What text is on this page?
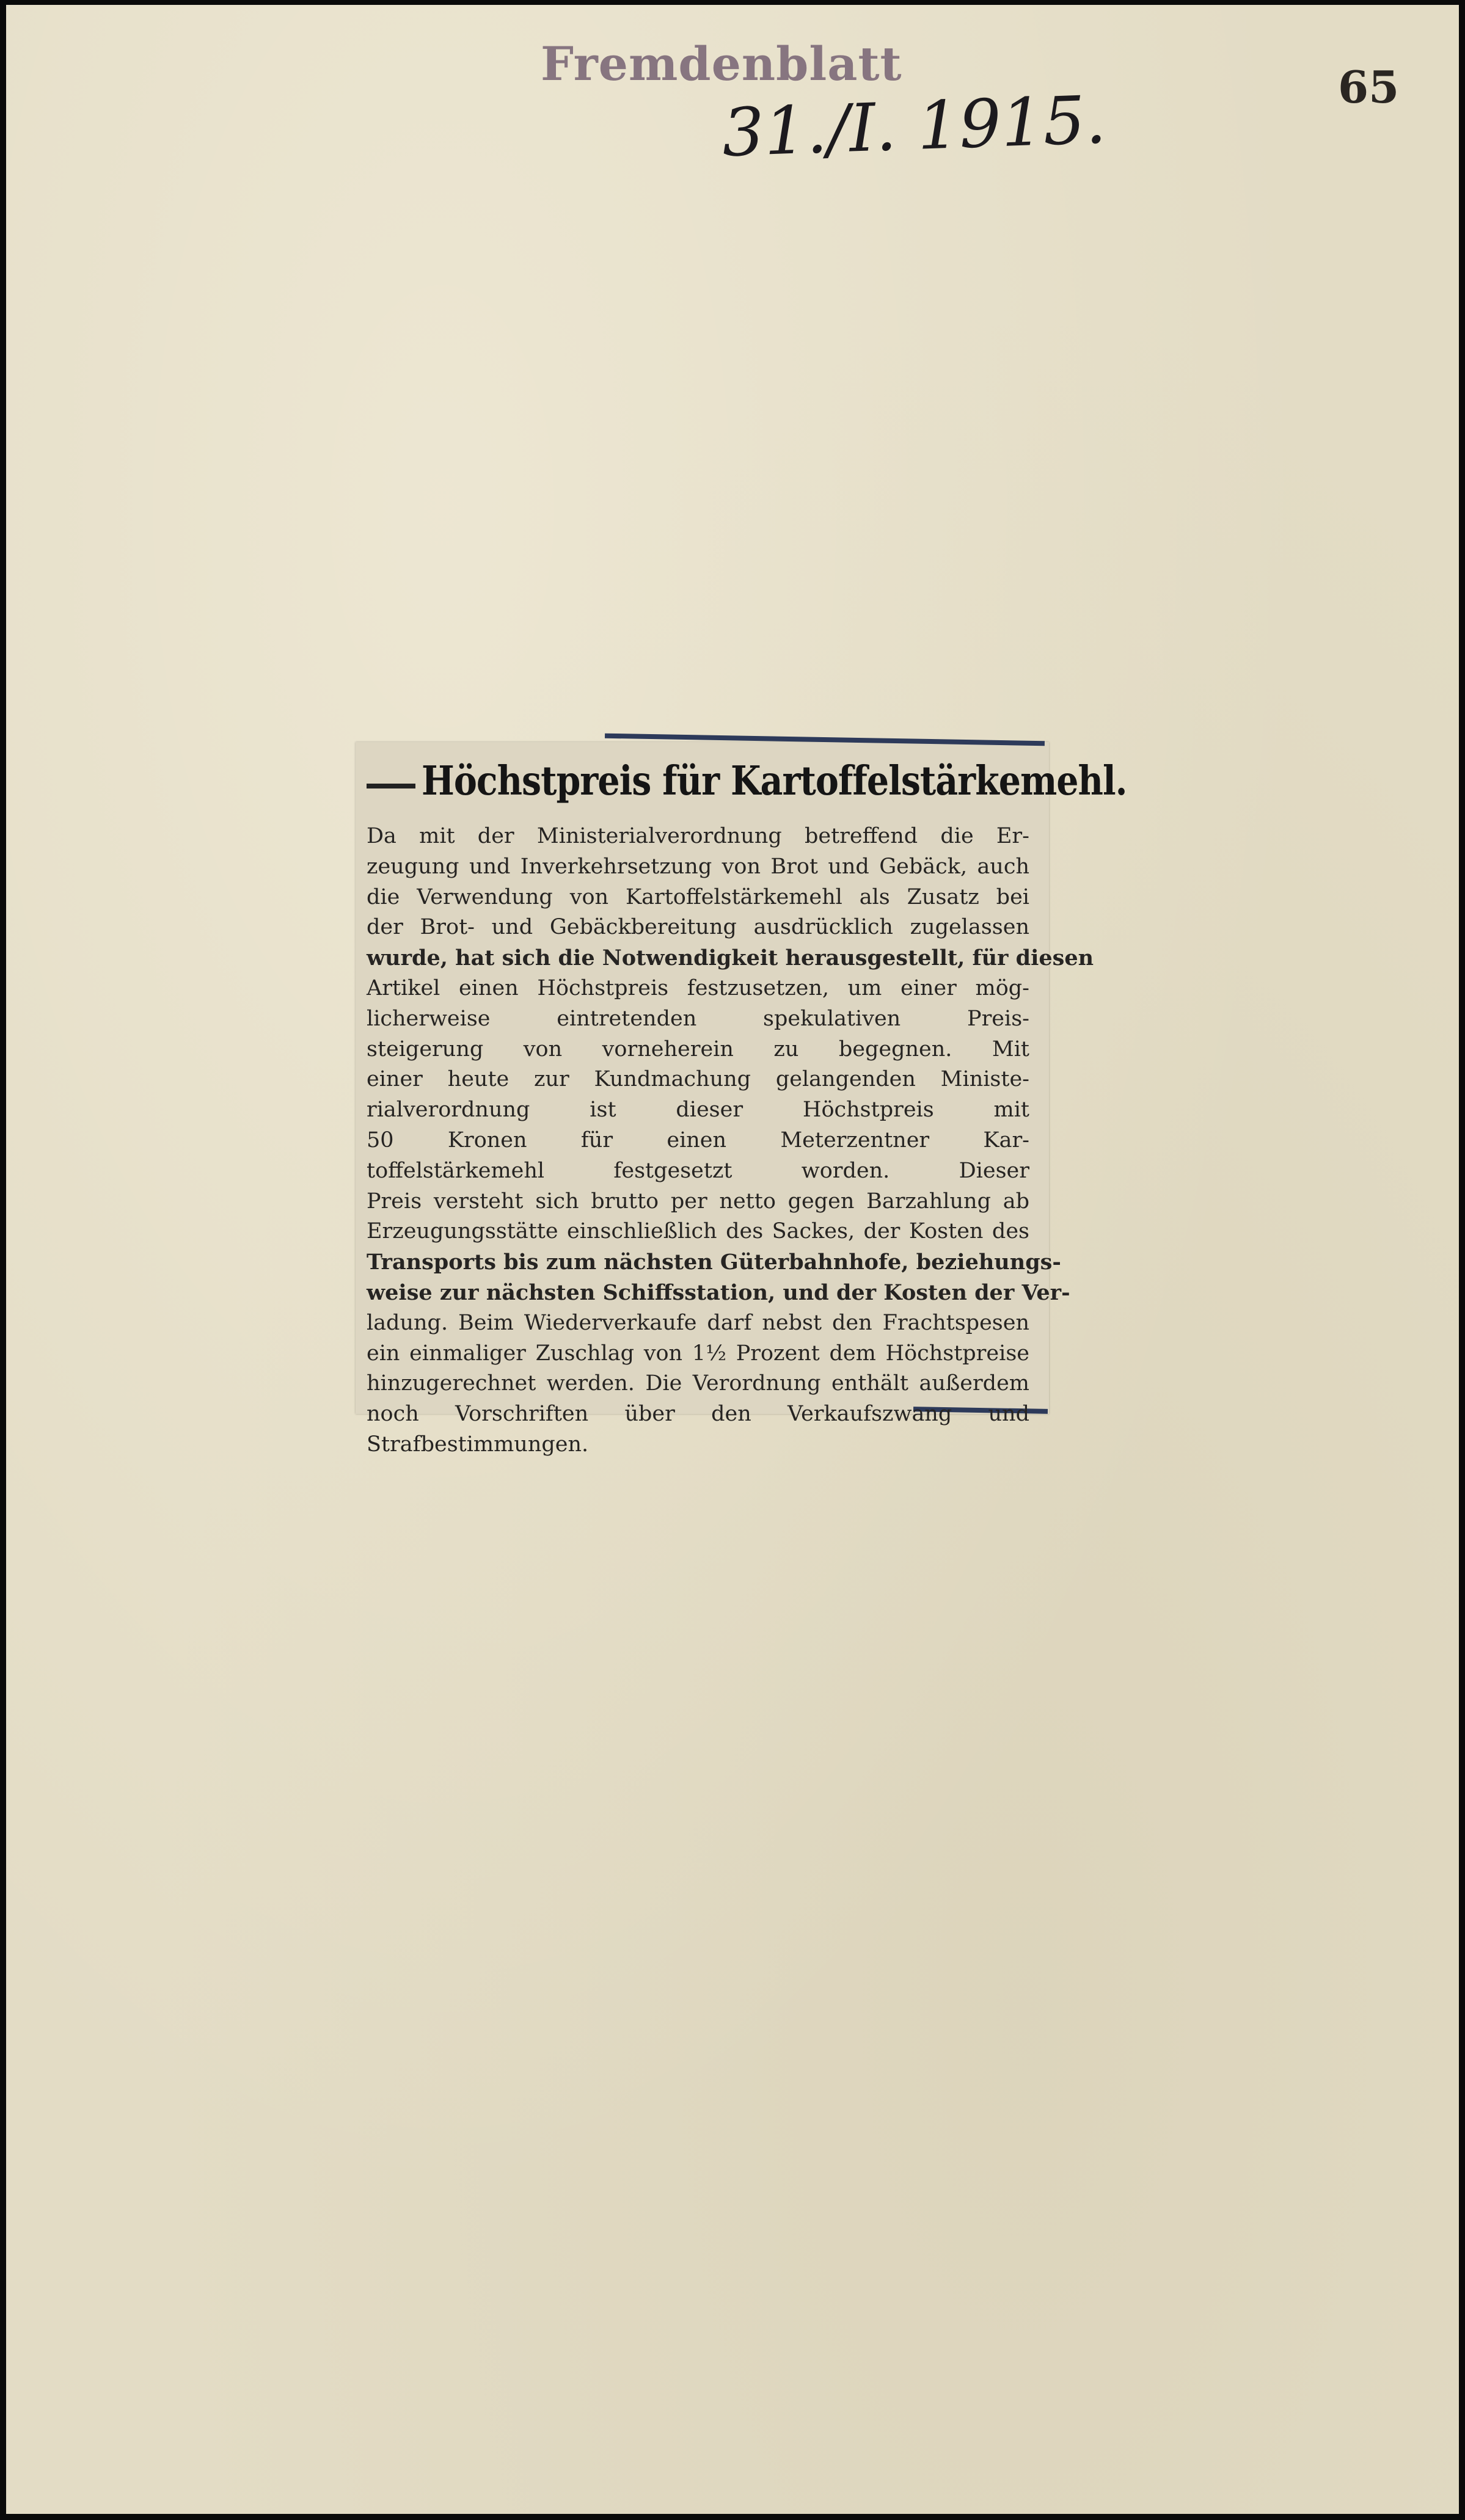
Fremdenblatt	65
31./I. 1915.
Höchstpreis für Kartoffelstärkemehl.
Da mit der Ministerialverordnung betreffend die Er-
zeugung und Inverkehrsetzung von Brot und Gebäck, auch
die Verwendung von Kartoffelstärkemehl als Zusatz bei
der Brot- und Gebäckbereitung ausdrücklich zugelassen
wurde, hat sich die Notwendigkeit herausgestellt, für diesen
Artikel einen Höchstpreis festzusetzen, um einer mög-
licherweise eintretenden spekulativen Preis-
steigerung von vorneherein zu begegnen. Mit
einer heute zur Kundmachung gelangenden Ministe-
rialverordnung ist dieser Höchstpreis mit
50 Kronen für einen Meterzentner Kar-
toffelstärkemehl festgesetzt worden. Dieser
Preis versteht sich brutto per netto gegen Barzahlung ab
Erzeugungsstätte einschließlich des Sackes, der Kosten des
Transports bis zum nächsten Güterbahnhofe, beziehungs-
weise zur nächsten Schiffsstation, und der Kosten der Ver-
ladung. Beim Wiederverkaufe darf nebst den Frachtspesen
ein einmaliger Zuschlag von 1½ Prozent dem Höchstpreise
hinzugerechnet werden. Die Verordnung enthält außerdem
noch Vorschriften über den Verkaufszwang und
Strafbestimmungen.
